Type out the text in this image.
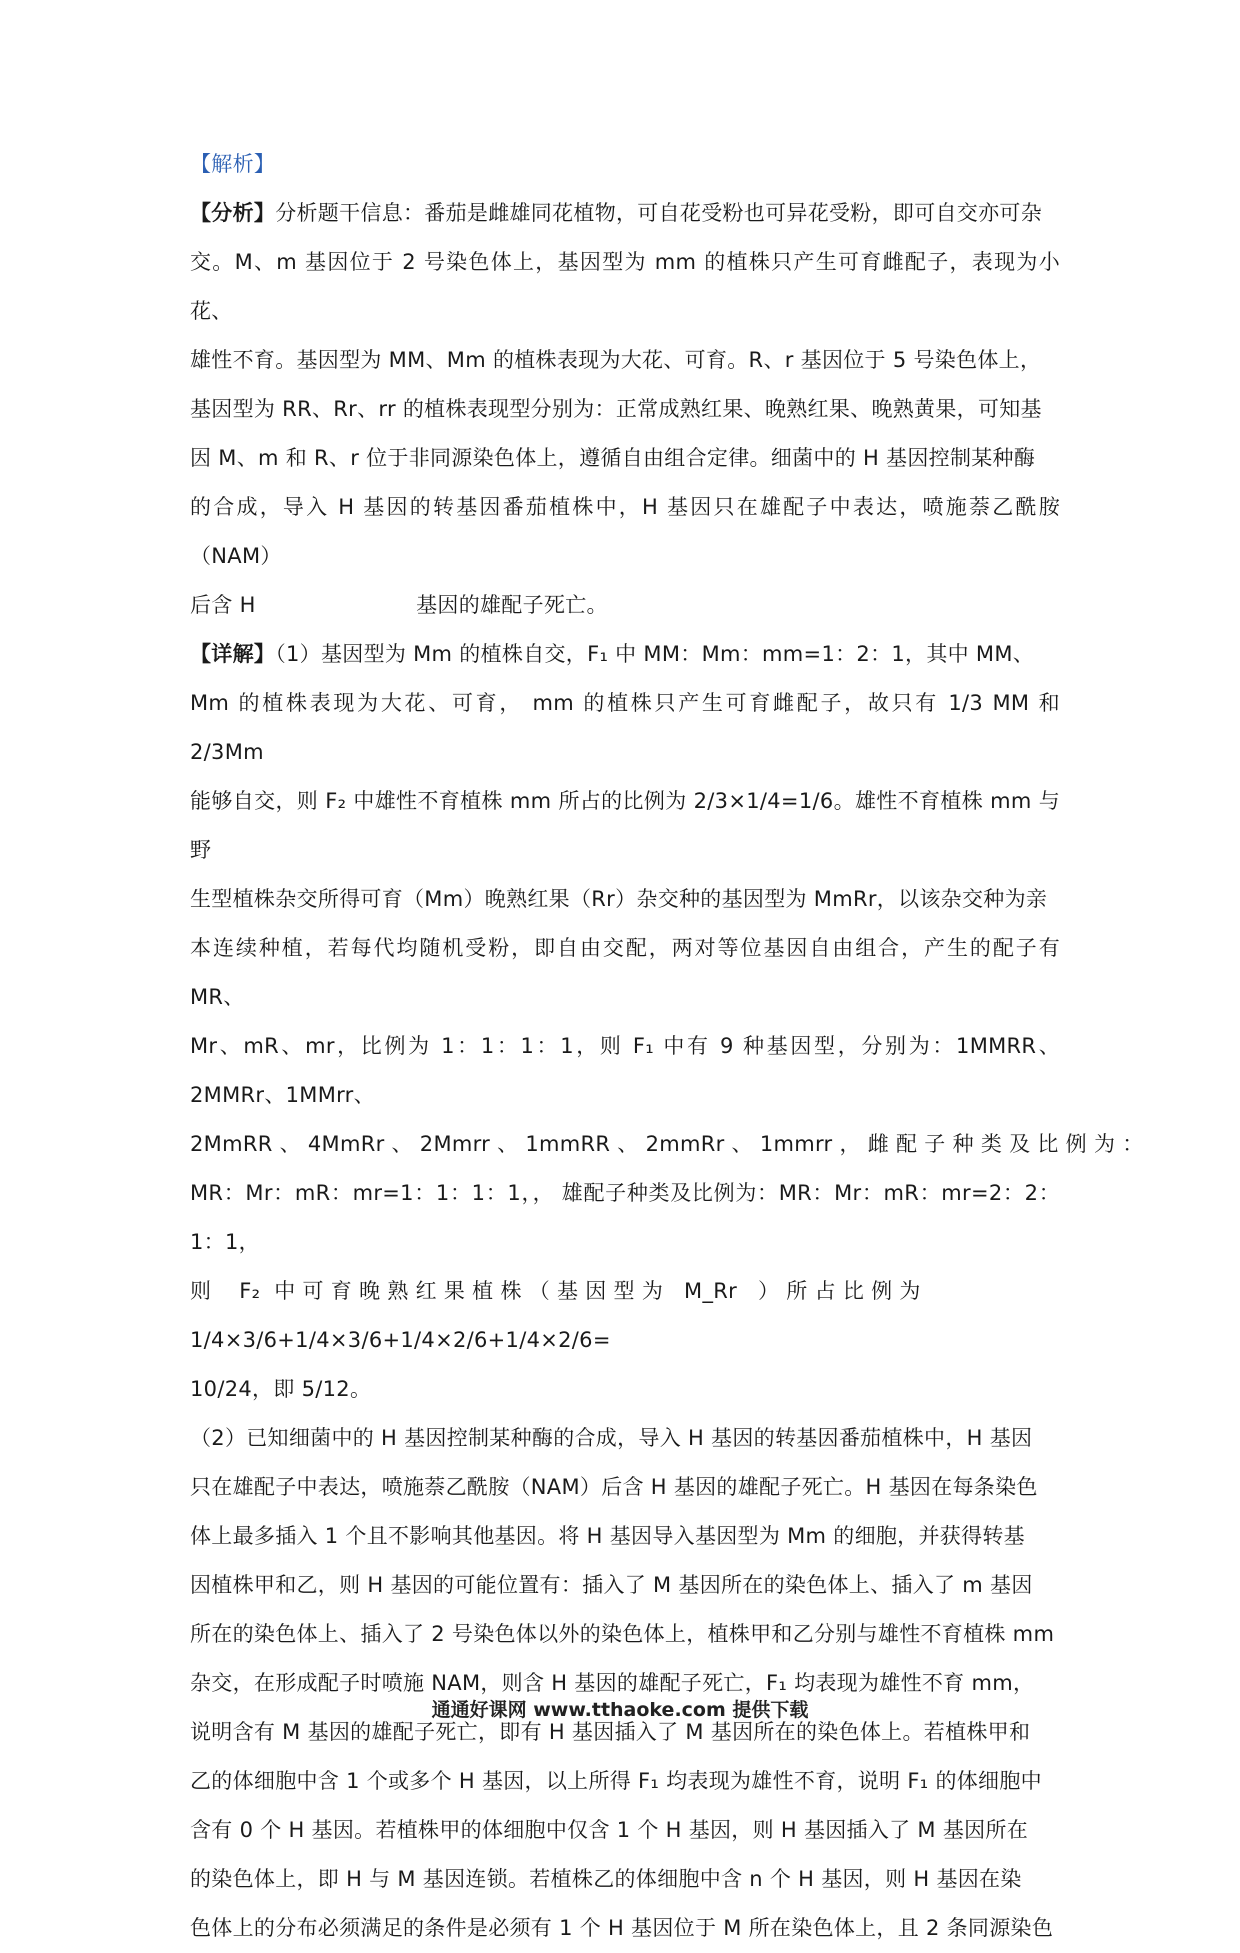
【解析】
【分析】分析题干信息：番茄是雌雄同花植物，可自花受粉也可异花受粉，即可自交亦可杂
交。M、m 基因位于 2 号染色体上，基因型为 mm 的植株只产生可育雌配子，表现为小花、
雄性不育。基因型为 MM、Mm 的植株表现为大花、可育。R、r 基因位于 5 号染色体上，
基因型为 RR、Rr、rr 的植株表现型分别为：正常成熟红果、晚熟红果、晚熟黄果，可知基
因 M、m 和 R、r 位于非同源染色体上，遵循自由组合定律。细菌中的 H 基因控制某种酶
的合成，导入 H 基因的转基因番茄植株中，H 基因只在雄配子中表达，喷施萘乙酰胺（NAM）
后含 H                       基因的雄配子死亡。
【详解】（1）基因型为 Mm 的植株自交，F₁ 中 MM：Mm：mm=1：2：1，其中 MM、
Mm 的植株表现为大花、可育， mm 的植株只产生可育雌配子，故只有 1/3 MM 和 2/3Mm
能够自交，则 F₂ 中雄性不育植株 mm 所占的比例为 2/3×1/4=1/6。雄性不育植株 mm 与野
生型植株杂交所得可育（Mm）晚熟红果（Rr）杂交种的基因型为 MmRr，以该杂交种为亲
本连续种植，若每代均随机受粉，即自由交配，两对等位基因自由组合，产生的配子有 MR、
Mr、mR、mr，比例为 1：1：1：1，则 F₁ 中有 9 种基因型，分别为：1MMRR、2MMRr、1MMrr、
2MmRR 、 4MmRr 、 2Mmrr 、 1mmRR 、 2mmRr 、 1mmrr ， 雌 配 子 种 类 及 比 例 为 ：
MR：Mr：mR：mr=1：1：1：1，， 雄配子种类及比例为：MR：Mr：mR：mr=2：2：1：1，
则    F₂  中 可 育 晚 熟 红 果 植 株 （ 基 因 型 为   M_Rr   ） 所 占 比 例 为
1/4×3/6+1/4×3/6+1/4×2/6+1/4×2/6=
10/24，即 5/12。
（2）已知细菌中的 H 基因控制某种酶的合成，导入 H 基因的转基因番茄植株中，H 基因
只在雄配子中表达，喷施萘乙酰胺（NAM）后含 H 基因的雄配子死亡。H 基因在每条染色
体上最多插入 1 个且不影响其他基因。将 H 基因导入基因型为 Mm 的细胞，并获得转基
因植株甲和乙，则 H 基因的可能位置有：插入了 M 基因所在的染色体上、插入了 m 基因
所在的染色体上、插入了 2 号染色体以外的染色体上，植株甲和乙分别与雄性不育植株 mm
杂交，在形成配子时喷施 NAM，则含 H 基因的雄配子死亡，F₁ 均表现为雄性不育 mm，
说明含有 M 基因的雄配子死亡，即有 H 基因插入了 M 基因所在的染色体上。若植株甲和
乙的体细胞中含 1 个或多个 H 基因，以上所得 F₁ 均表现为雄性不育，说明 F₁ 的体细胞中
含有 0 个 H 基因。若植株甲的体细胞中仅含 1 个 H 基因，则 H 基因插入了 M 基因所在
的染色体上，即 H 与 M 基因连锁。若植株乙的体细胞中含 n 个 H 基因，则 H 基因在染
色体上的分布必须满足的条件是必须有 1 个 H 基因位于 M 所在染色体上，且 2 条同源染色
通通好课网 www.tthaoke.com 提供下载
